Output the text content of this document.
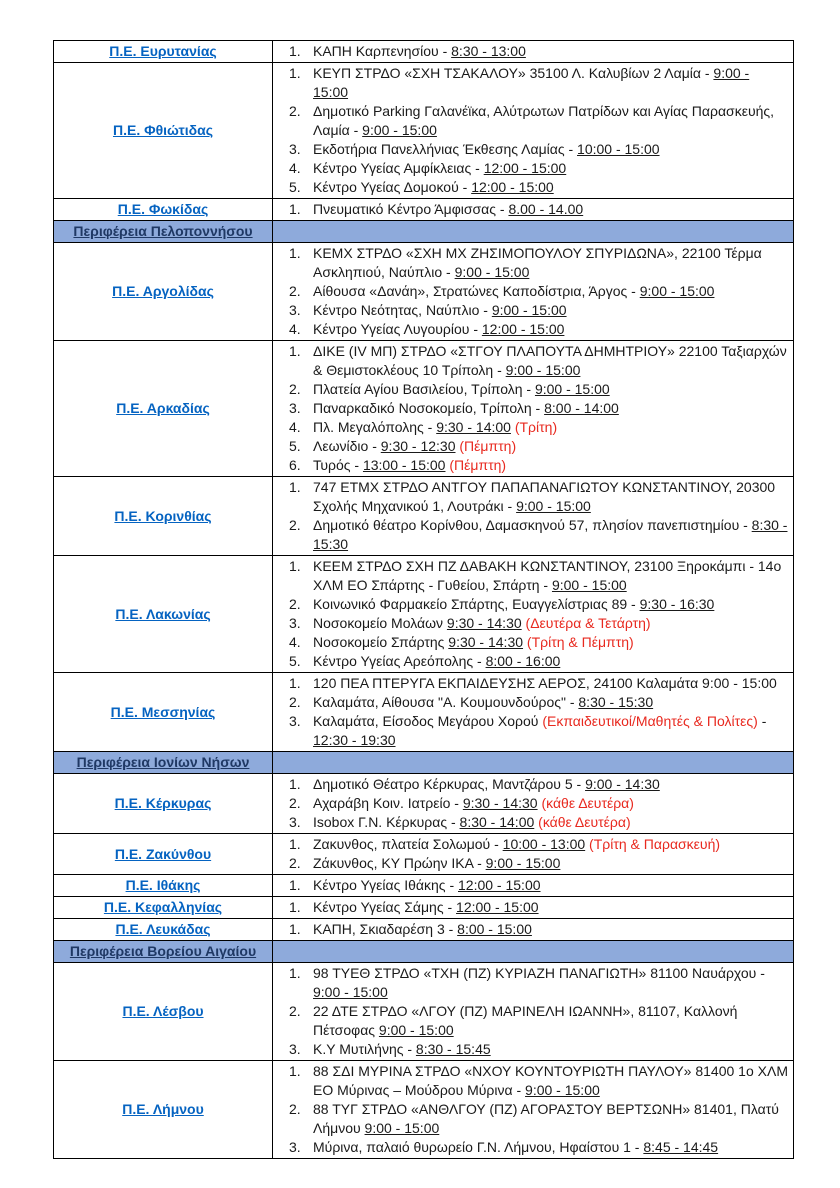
Π.Ε. Ευρυτανίας	1. ΚΑΠΗ Καρπενησίου - 8:30 - 13:00

Π.Ε. Φθιώτιδας	
1. ΚΕΥΠ ΣΤΡΔΟ «ΣΧΗ ΤΣΑΚΑΛΟΥ» 35100 Λ. Καλυβίων 2 Λαμία - 9:00 - 15:00
2. Δημοτικό Parking Γαλανέϊκα, Αλύτρωτων Πατρίδων και Αγίας Παρασκευής, Λαμία - 9:00 - 15:00
3. Εκδοτήρια Πανελλήνιας Έκθεσης Λαμίας - 10:00 - 15:00
4. Κέντρο Υγείας Αμφίκλειας - 12:00 - 15:00
5. Κέντρο Υγείας Δομοκού - 12:00 - 15:00

Π.Ε. Φωκίδας	1. Πνευματικό Κέντρο Άμφισσας - 8.00 - 14.00

Περιφέρεια Πελοποννήσου	
Π.Ε. Αργολίδας	
1. ΚΕΜΧ ΣΤΡΔΟ «ΣΧΗ ΜΧ ΖΗΣΙΜΟΠΟΥΛΟΥ ΣΠΥΡΙΔΩΝΑ», 22100 Τέρμα Ασκληπιού, Ναύπλιο - 9:00 - 15:00
2. Αίθουσα «Δανάη», Στρατώνες Καποδίστρια, Άργος - 9:00 - 15:00
3. Κέντρο Νεότητας, Ναύπλιο - 9:00 - 15:00
4. Κέντρο Υγείας Λυγουρίου - 12:00 - 15:00

Π.Ε. Αρκαδίας	
1. ΔΙΚΕ (IV ΜΠ) ΣΤΡΔΟ «ΣΤΓΟΥ ΠΛΑΠΟΥΤΑ ΔΗΜΗΤΡΙΟΥ» 22100 Ταξιαρχών & Θεμιστοκλέους 10 Τρίπολη - 9:00 - 15:00
2. Πλατεία Αγίου Βασιλείου, Τρίπολη - 9:00 - 15:00
3. Παναρκαδικό Νοσοκομείο, Τρίπολη - 8:00 - 14:00
4. Πλ. Μεγαλόπολης - 9:30 - 14:00 (Τρίτη)
5. Λεωνίδιο - 9:30 - 12:30 (Πέμπτη)
6. Τυρός - 13:00 - 15:00 (Πέμπτη)

Π.Ε. Κορινθίας	1. 747 ΕΤΜΧ ΣΤΡΔΟ ΑΝΤΓΟΥ ΠΑΠΑΠΑΝΑΓΙΩΤΟΥ ΚΩΝΣΤΑΝΤΙΝΟΥ, 20300 Σχολής Μηχανικού 1, Λουτράκι - 9:00 - 15:00
2. Δημοτικό θέατρο Κορίνθου, Δαμασκηνού 57, πλησίον πανεπιστημίου - 8:30 - 15:30

Π.Ε. Λακωνίας	
1. ΚΕΕΜ ΣΤΡΔΟ ΣΧΗ ΠΖ ΔΑΒΑΚΗ ΚΩΝΣΤΑΝΤΙΝΟΥ, 23100 Ξηροκάμπι - 14ο ΧΛΜ ΕΟ Σπάρτης - Γυθείου, Σπάρτη - 9:00 - 15:00
2. Κοινωνικό Φαρμακείο Σπάρτης, Ευαγγελίστριας 89 - 9:30 - 16:30
3. Νοσοκομείο Μολάων 9:30 - 14:30 (Δευτέρα & Τετάρτη)
4. Νοσοκομείο Σπάρτης 9:30 - 14:30 (Τρίτη & Πέμπτη)
5. Κέντρο Υγείας Αρεόπολης - 8:00 - 16:00

Π.Ε. Μεσσηνίας	
1. 120 ΠΕΑ ΠΤΕΡΥΓΑ ΕΚΠΑΙΔΕΥΣΗΣ ΑΕΡΟΣ, 24100 Καλαμάτα 9:00 - 15:00
2. Καλαμάτα, Αίθουσα "Α. Κουμουνδούρος" - 8:30 - 15:30
3. Καλαμάτα, Είσοδος Μεγάρου Χορού (Εκπαιδευτικοί/Μαθητές & Πολίτες) - 12:30 - 19:30

Περιφέρεια Ιονίων Νήσων	
Π.Ε. Κέρκυρας	
1. Δημοτικό Θέατρο Κέρκυρας, Μαντζάρου 5 - 9:00 - 14:30
2. Αχαράβη Κοιν. Ιατρείο - 9:30 - 14:30 (κάθε Δευτέρα)
3. Isobox Γ.Ν. Κέρκυρας - 8:30 - 14:00 (κάθε Δευτέρα)

Π.Ε. Ζακύνθου	1. Ζακυνθος, πλατεία Σολωμού - 10:00 - 13:00 (Τρίτη & Παρασκευή)
2. Ζάκυνθος, ΚΥ Πρώην ΙΚΑ - 9:00 - 15:00

Π.Ε. Ιθάκης	1. Κέντρο Υγείας Ιθάκης - 12:00 - 15:00

Π.Ε. Κεφαλληνίας	1. Κέντρο Υγείας Σάμης - 12:00 - 15:00

Π.Ε. Λευκάδας	1. ΚΑΠΗ, Σκιαδαρέση 3 - 8:00 - 15:00

Περιφέρεια Βορείου Αιγαίου	
Π.Ε. Λέσβου	
1. 98 ΤΥΕΘ ΣΤΡΔΟ «ΤΧΗ (ΠΖ) ΚΥΡΙΑΖΗ ΠΑΝΑΓΙΩΤΗ» 81100 Ναυάρχου - 9:00 - 15:00
2. 22 ΔΤΕ ΣΤΡΔΟ «ΛΓΟΥ (ΠΖ) ΜΑΡΙΝΕΛΗ ΙΩΑΝΝΗ», 81107, Καλλονή Πέτσοφας 9:00 - 15:00
3. Κ.Υ Μυτιλήνης - 8:30 - 15:45

Π.Ε. Λήμνου	
1. 88 ΣΔΙ ΜΥΡΙΝΑ ΣΤΡΔΟ «ΝΧΟΥ ΚΟΥΝΤΟΥΡΙΩΤΗ ΠΑΥΛΟΥ» 81400 1ο ΧΛΜ ΕΟ Μύρινας – Μούδρου Μύρινα - 9:00 - 15:00
2. 88 ΤΥΓ ΣΤΡΔΟ «ΑΝΘΛΓΟΥ (ΠΖ) ΑΓΟΡΑΣΤΟΥ ΒΕΡΤΣΩΝΗ» 81401, Πλατύ Λήμνου 9:00 - 15:00
3. Μύρινα, παλαιό θυρωρείο Γ.Ν. Λήμνου, Ηφαίστου 1 - 8:45 - 14:45
